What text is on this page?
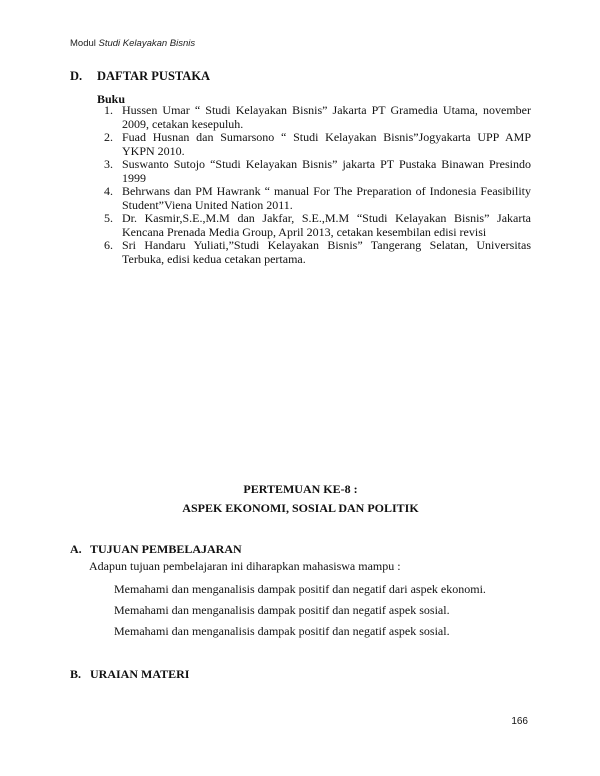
Modul Studi Kelayakan Bisnis
D. DAFTAR PUSTAKA
Buku
1. Hussen Umar “ Studi Kelayakan Bisnis” Jakarta PT Gramedia Utama, november 2009, cetakan kesepuluh.
2. Fuad Husnan dan Sumarsono “ Studi Kelayakan Bisnis”Jogyakarta UPP AMP YKPN 2010.
3. Suswanto Sutojo “Studi Kelayakan Bisnis” jakarta PT Pustaka Binawan Presindo 1999
4. Behrwans dan PM Hawrank “ manual For The Preparation of Indonesia Feasibility Student”Viena United Nation 2011.
5. Dr. Kasmir,S.E.,M.M dan Jakfar, S.E.,M.M “Studi Kelayakan Bisnis” Jakarta Kencana Prenada Media Group, April 2013, cetakan kesembilan edisi revisi
6. Sri Handaru Yuliati,”Studi Kelayakan Bisnis” Tangerang Selatan, Universitas Terbuka, edisi kedua cetakan pertama.
PERTEMUAN KE-8 :
ASPEK EKONOMI, SOSIAL DAN POLITIK
A. TUJUAN PEMBELAJARAN
Adapun tujuan pembelajaran ini diharapkan mahasiswa mampu :
Memahami dan menganalisis dampak positif dan negatif dari aspek ekonomi.
Memahami dan menganalisis dampak positif dan negatif aspek sosial.
Memahami dan menganalisis dampak positif dan negatif aspek sosial.
B. URAIAN MATERI
166
